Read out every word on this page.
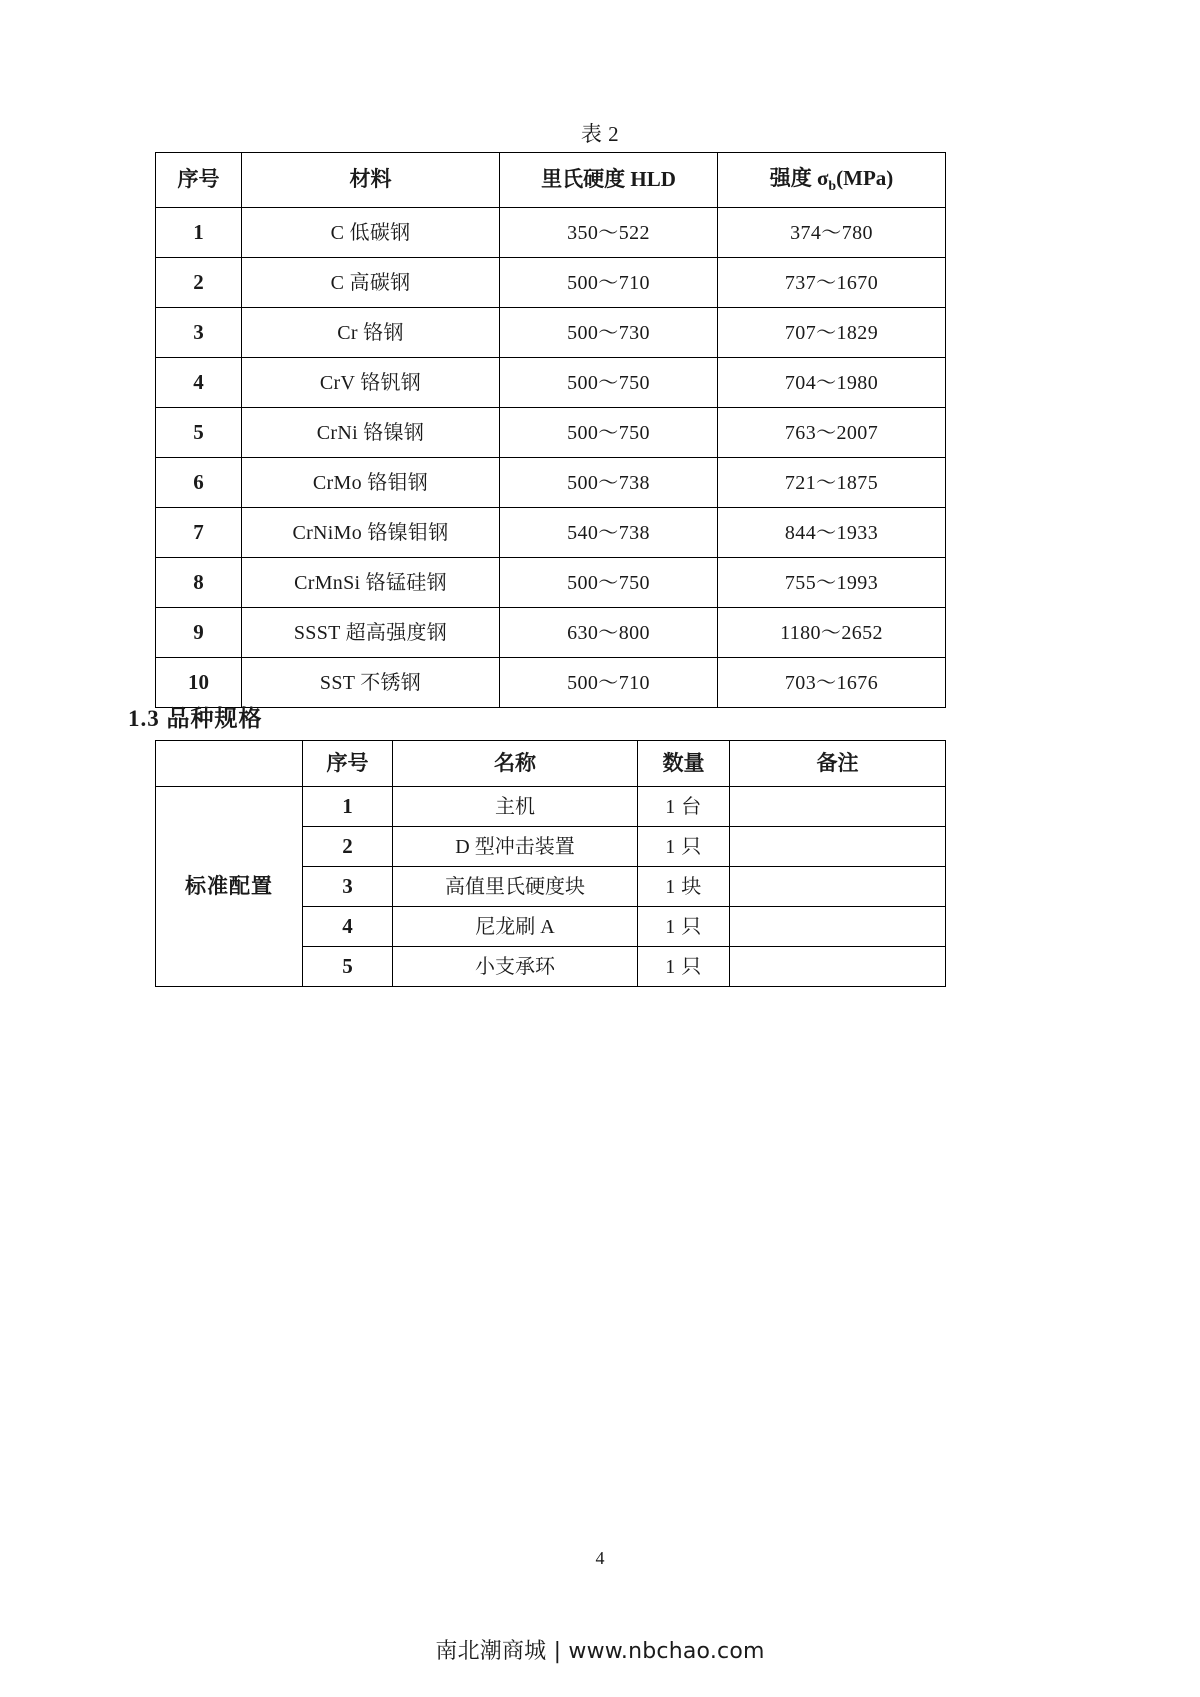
表 2
序号	材料	里氏硬度 HLD	强度 $\sigma_b(MPa)$
1	C 低碳钢	350～522	374～780
2	C 高碳钢	500～710	737～1670
3	Cr 铬钢	500～730	707～1829
4	CrV 铬钒钢	500～750	704～1980
5	CrNi 铬镍钢	500～750	763～2007
6	CrMo 铬钼钢	500～738	721～1875
7	CrNiMo 铬镍钼钢	540～738	844～1933
8	CrMnSi 铬锰硅钢	500～750	755～1993
9	SSST 超高强度钢	630～800	1180～2652
10	SST 不锈钢	500～710	703～1676
1.3 品种规格
	序号	名称	数量	备注
标准配置	1	主机	1 台	
	2	D 型冲击装置	1 只	
	3	高值里氏硬度块	1 块	
	4	尼龙刷 A	1 只	
	5	小支承环	1 只	
4
南北潮商城 | www.nbchao.com
